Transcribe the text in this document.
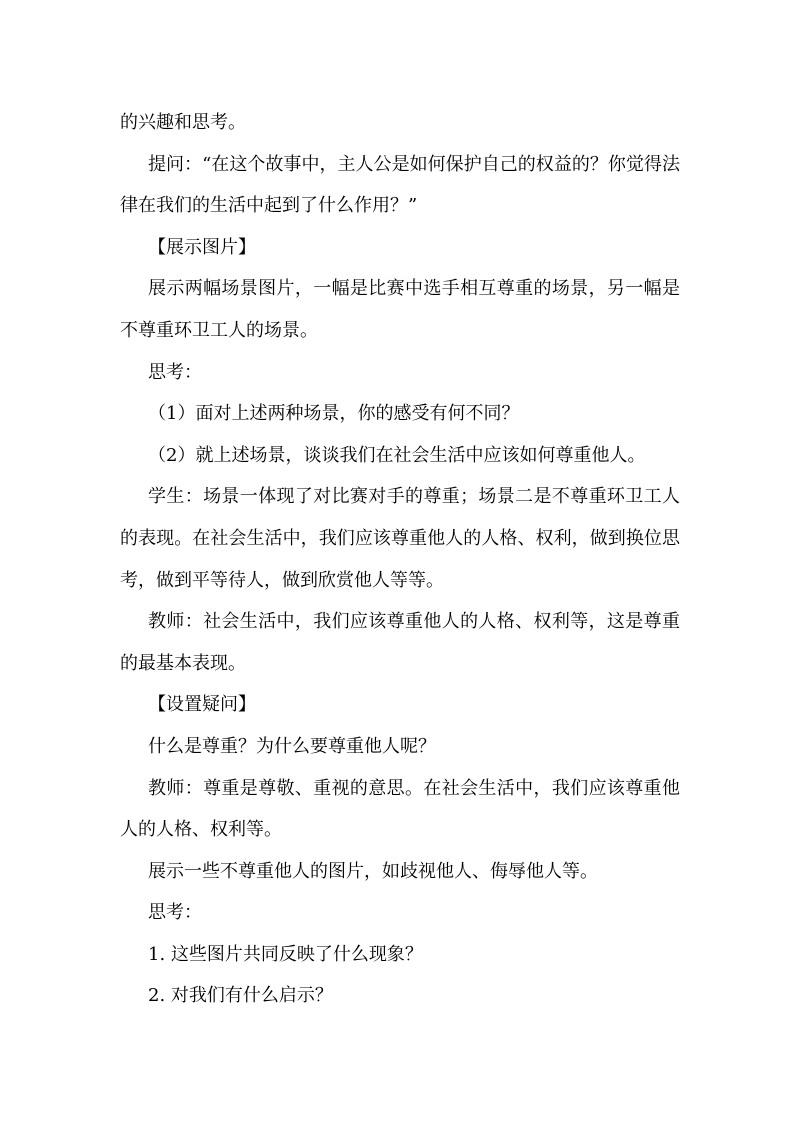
的兴趣和思考。

提问：“在这个故事中，主人公是如何保护自己的权益的？你觉得法律在我们的生活中起到了什么作用？”

【展示图片】

展示两幅场景图片，一幅是比赛中选手相互尊重的场景，另一幅是不尊重环卫工人的场景。

思考：

（1）面对上述两种场景，你的感受有何不同？

（2）就上述场景，谈谈我们在社会生活中应该如何尊重他人。

学生：场景一体现了对比赛对手的尊重；场景二是不尊重环卫工人的表现。在社会生活中，我们应该尊重他人的人格、权利，做到换位思考，做到平等待人，做到欣赏他人等等。

教师：社会生活中，我们应该尊重他人的人格、权利等，这是尊重的最基本表现。

【设置疑问】

什么是尊重？为什么要尊重他人呢？

教师：尊重是尊敬、重视的意思。在社会生活中，我们应该尊重他人的人格、权利等。

展示一些不尊重他人的图片，如歧视他人、侮辱他人等。

思考：

1. 这些图片共同反映了什么现象？

2. 对我们有什么启示？
